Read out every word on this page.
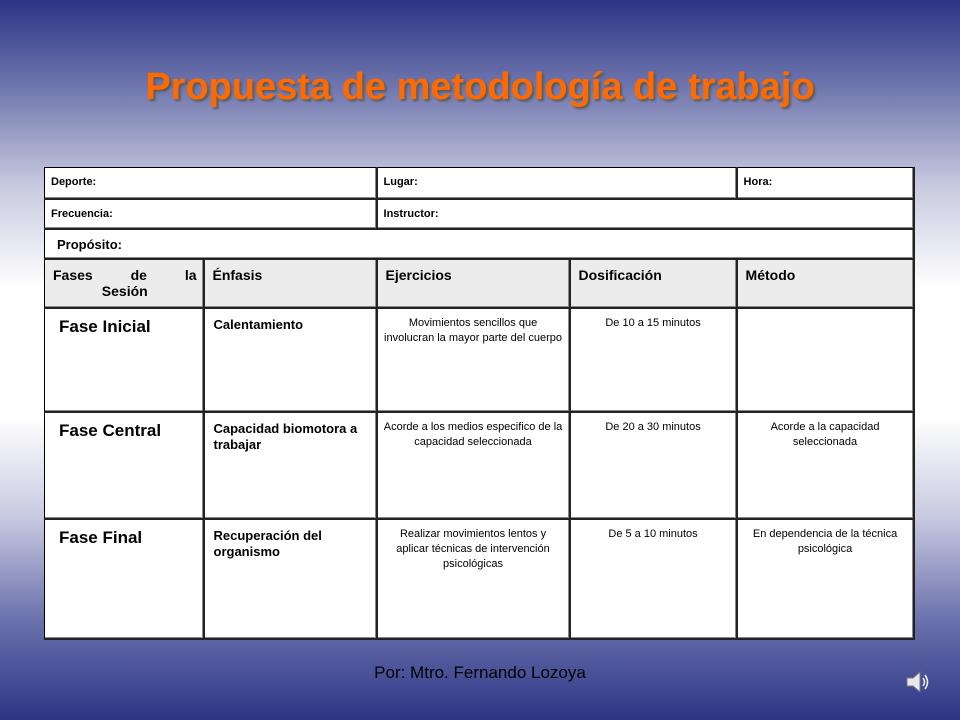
Propuesta de metodología de trabajo
Deporte:		Lugar:		Hora:
Frecuencia:		Instructor:		
Propósito:				
Fases de la
Sesión	Énfasis	Ejercicios	Dosificación	Método
Fase Inicial	Calentamiento	Movimientos sencillos que involucran la mayor parte del cuerpo	De 10 a 15 minutos	
Fase Central	Capacidad biomotora a trabajar	Acorde a los medios especifico de la capacidad seleccionada	De 20 a 30 minutos	Acorde a la capacidad seleccionada
Fase Final	Recuperación del organismo	Realizar movimientos lentos y aplicar técnicas de intervención psicológicas	De 5 a 10 minutos	En dependencia de la técnica psicológica
Por: Mtro. Fernando Lozoya
